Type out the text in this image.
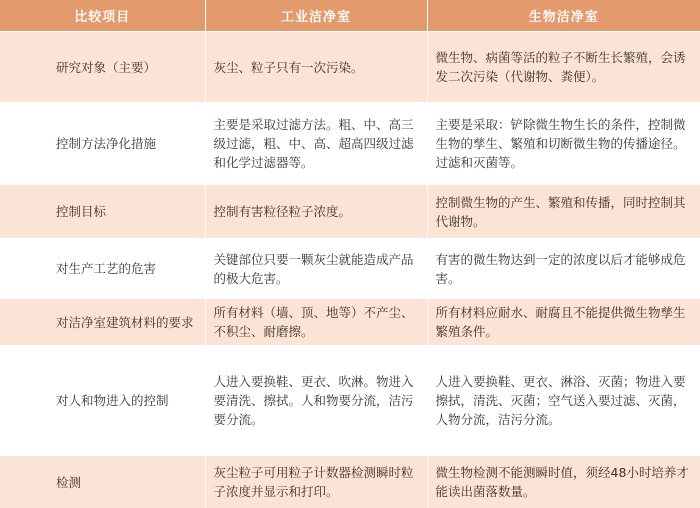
比较项目	工业洁净室	生物洁净室
研究对象（主要）	灰尘、粒子只有一次污染。	微生物、病菌等活的粒子不断生长繁殖，会诱发二次污染（代谢物、粪便）。
控制方法净化措施	主要是采取过滤方法。粗、中、高三级过滤，粗、中、高、超高四级过滤和化学过滤器等。	主要是采取：铲除微生物生长的条件，控制微生物的孳生、繁殖和切断微生物的传播途径。过滤和灭菌等。
控制目标	控制有害粒径粒子浓度。	控制微生物的产生、繁殖和传播，同时控制其代谢物。
对生产工艺的危害	关键部位只要一颗灰尘就能造成产品的极大危害。	有害的微生物达到一定的浓度以后才能够成危害。
对洁净室建筑材料的要求	所有材料（墙、顶、地等）不产尘、不积尘、耐磨擦。	所有材料应耐水、耐腐且不能提供微生物孳生繁殖条件。
对人和物进入的控制	人进入要换鞋、更衣、吹淋。物进入要清洗、擦拭。人和物要分流，洁污要分流。	人进入要换鞋、更衣、淋浴、灭菌；物进入要擦拭，清洗、灭菌；空气送入要过滤、灭菌，人物分流，洁污分流。
检测	灰尘粒子可用粒子计数器检测瞬时粒子浓度并显示和打印。	微生物检测不能测瞬时值，须经48小时培养才能读出菌落数量。
